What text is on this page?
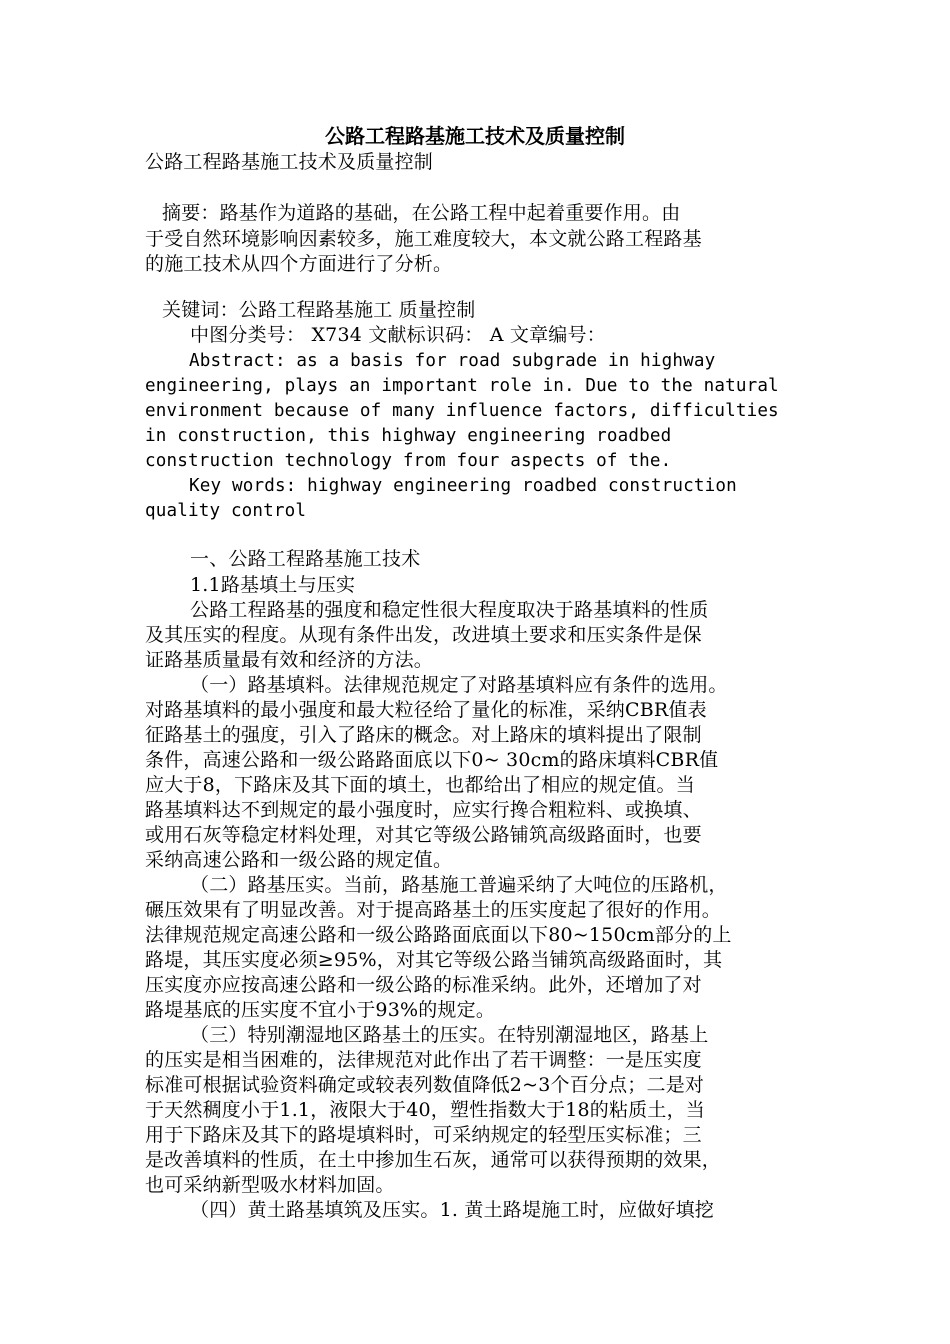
公路工程路基施工技术及质量控制
公路工程路基施工技术及质量控制
摘要：路基作为道路的基础，在公路工程中起着重要作用。由
于受自然环境影响因素较多，施工难度较大，本文就公路工程路基
的施工技术从四个方面进行了分析。
关键词：公路工程路基施工 质量控制
中图分类号： X734 文献标识码： A 文章编号：
Abstract: as a basis for road subgrade in highway
engineering, plays an important role in. Due to the natural
environment because of many influence factors, difficulties
in construction, this highway engineering roadbed
construction technology from four aspects of the.
Key words: highway engineering roadbed construction
quality control
一、公路工程路基施工技术
1.1路基填土与压实
公路工程路基的强度和稳定性很大程度取决于路基填料的性质
及其压实的程度。从现有条件出发，改进填土要求和压实条件是保
证路基质量最有效和经济的方法。
（一）路基填料。法律规范规定了对路基填料应有条件的选用。
对路基填料的最小强度和最大粒径给了量化的标准，采纳CBR值表
征路基土的强度，引入了路床的概念。对上路床的填料提出了限制
条件，高速公路和一级公路路面底以下0~ 30cm的路床填料CBR值
应大于8，下路床及其下面的填土，也都给出了相应的规定值。当
路基填料达不到规定的最小强度时，应实行搀合粗粒料、或换填、
或用石灰等稳定材料处理，对其它等级公路铺筑高级路面时，也要
采纳高速公路和一级公路的规定值。
（二）路基压实。当前，路基施工普遍采纳了大吨位的压路机，
碾压效果有了明显改善。对于提高路基土的压实度起了很好的作用。
法律规范规定高速公路和一级公路路面底面以下80~150cm部分的上
路堤，其压实度必须≥95%，对其它等级公路当铺筑高级路面时，其
压实度亦应按高速公路和一级公路的标准采纳。此外，还增加了对
路堤基底的压实度不宜小于93%的规定。
（三）特别潮湿地区路基土的压实。在特别潮湿地区，路基上
的压实是相当困难的，法律规范对此作出了若干调整：一是压实度
标准可根据试验资料确定或较表列数值降低2~3个百分点；二是对
于天然稠度小于1.1，液限大于40，塑性指数大于18的粘质土，当
用于下路床及其下的路堤填料时，可采纳规定的轻型压实标准；三
是改善填料的性质，在土中掺加生石灰，通常可以获得预期的效果，
也可采纳新型吸水材料加固。
（四）黄土路基填筑及压实。1. 黄土路堤施工时，应做好填挖
